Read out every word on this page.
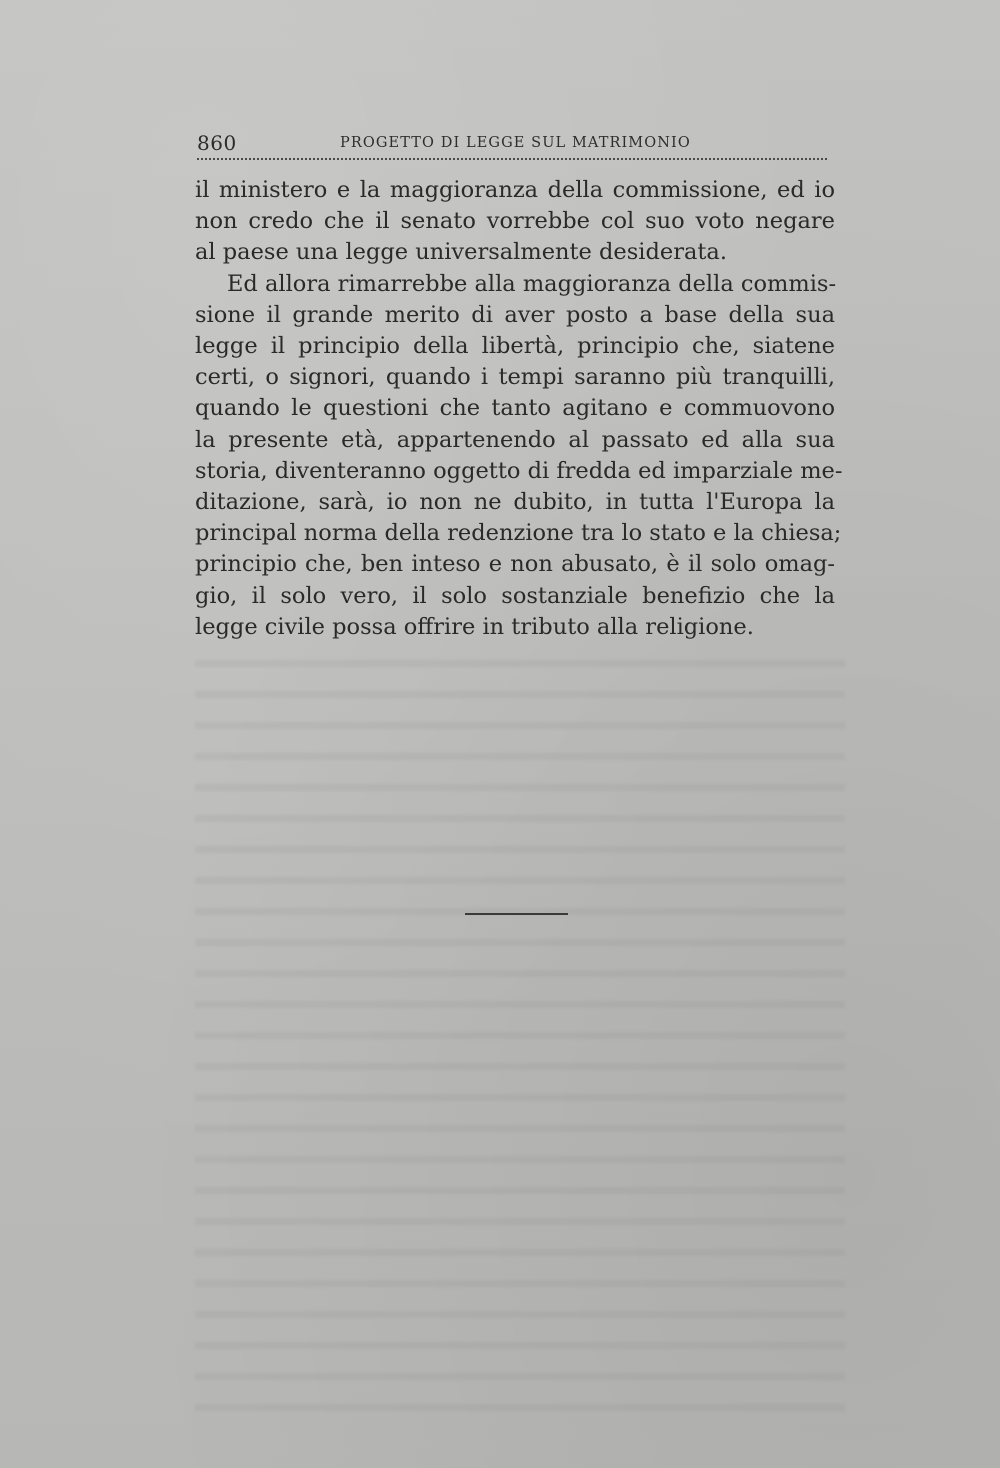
860	PROGETTO DI LEGGE SUL MATRIMONIO
il ministero e la maggioranza della commissione, ed io
non credo che il senato vorrebbe col suo voto negare
al paese una legge universalmente desiderata.
Ed allora rimarrebbe alla maggioranza della commis-
sione il grande merito di aver posto a base della sua
legge il principio della libertà, principio che, siatene
certi, o signori, quando i tempi saranno più tranquilli,
quando le questioni che tanto agitano e commuovono
la presente età, appartenendo al passato ed alla sua
storia, diventeranno oggetto di fredda ed imparziale me-
ditazione, sarà, io non ne dubito, in tutta l'Europa la
principal norma della redenzione tra lo stato e la chiesa;
principio che, ben inteso e non abusato, è il solo omag-
gio, il solo vero, il solo sostanziale benefizio che la
legge civile possa offrire in tributo alla religione.
